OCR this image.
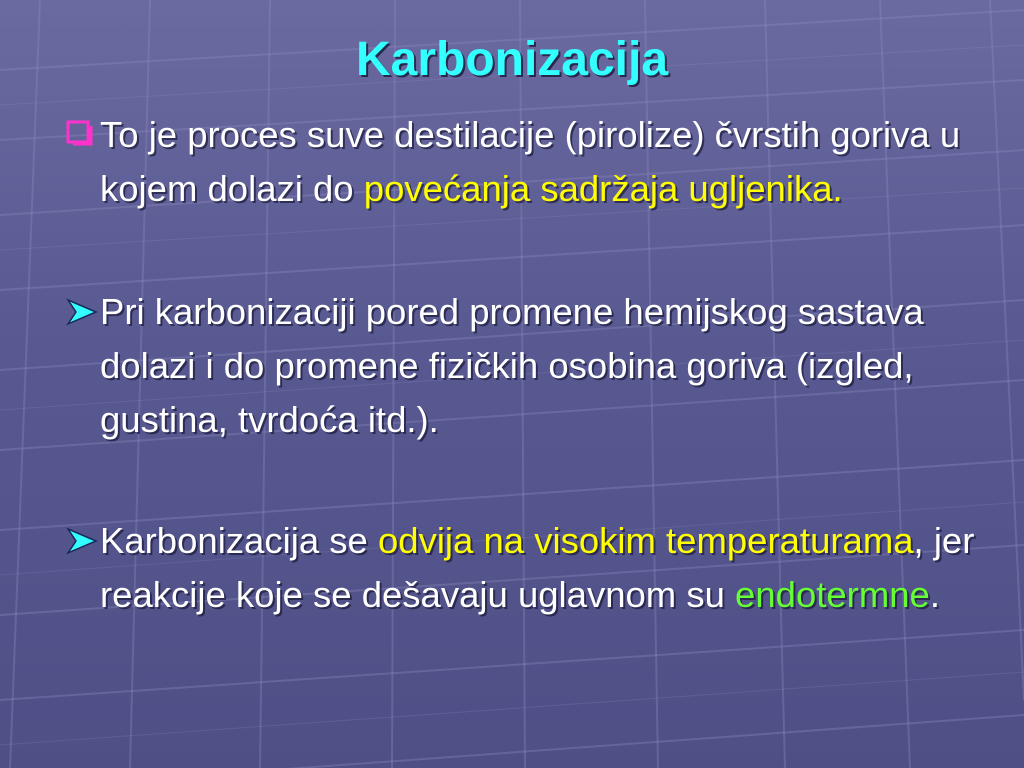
Karbonizacija
To je proces suve destilacije (pirolize) čvrstih goriva u kojem dolazi do povećanja sadržaja ugljenika.
Pri karbonizaciji pored promene hemijskog sastava dolazi i do promene fizičkih osobina goriva (izgled, gustina, tvrdoća itd.).
Karbonizacija se odvija na visokim temperaturama, jer reakcije koje se dešavaju uglavnom su endotermne.
